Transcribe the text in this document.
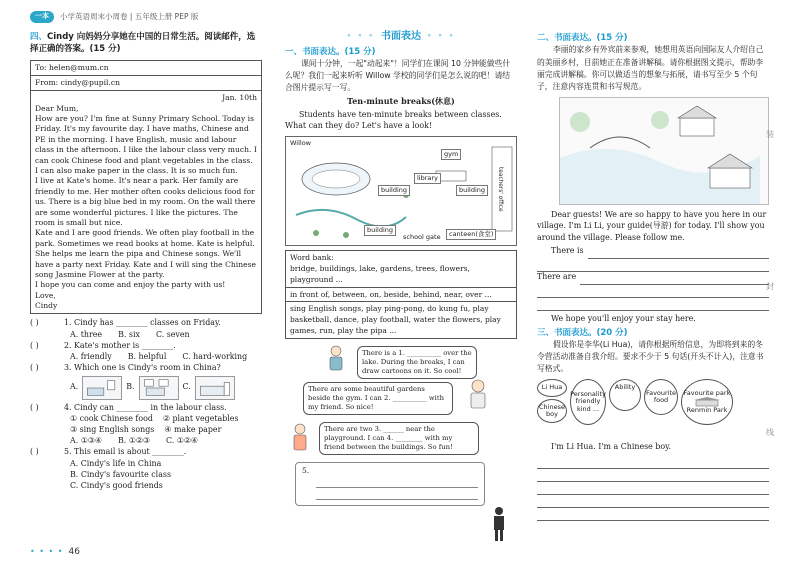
一本	小学英语周末小周卷 | 五年级上册 PEP 版
四、Cindy 向妈妈分享她在中国的日常生活。阅读邮件，选择正确的答案。(15 分)
To: helen@mum.cn
From: cindy@pupil.cn
Jan. 10th
Dear Mum,
How are you? I'm fine at Sunny Primary School. Today is Friday. It's my favourite day. I have maths, Chinese and PE in the morning. I have English, music and labour class in the afternoon. I like the labour class very much. I can cook Chinese food and plant vegetables in the class. I can also make paper in the class. It is so much fun.
I live at Kate's home. It's near a park. Her family are friendly to me. Her mother often cooks delicious food for us. There is a big blue bed in my room. On the wall there are some wonderful pictures. I like the pictures. The room is small but nice.
Kate and I are good friends. We often play football in the park. Sometimes we read books at home. Kate is helpful. She helps me learn the pipa and Chinese songs. We'll have a party next Friday. Kate and I will sing the Chinese song Jasmine Flower at the party.
I hope you can come and enjoy the party with us!
Love,
Cindy
( )	1. Cindy has ________ classes on Friday.
A. three B. six C. seven
( )	2. Kate's mother is ________.
A. friendly B. helpful C. hard-working
( )	3. Which one is Cindy's room in China?
A.	B.	C.
( )	4. Cindy can ________ in the labour class.
① cook Chinese food ② plant vegetables
③ sing English songs ④ make paper
A. ①③④ B. ①②③ C. ①②④
( )	5. This email is about ________.
A. Cindy's life in China
B. Cindy's favourite class
C. Cindy's good friends
• • • 书面表达 • • •
一、书面表达。(15 分)
课间十分钟，一起"动起来"！同学们在课间 10 分钟能做些什么呢？我们一起来听听 Willow 学校的同学们是怎么说的吧！请结合图片提示写一写。
Ten-minute breaks(休息)
Students have ten-minute breaks between classes. What can they do? Let's have a look!
Willow
gym
library
building	building
building
school gate	canteen(食堂)
teachers' office
Word bank:
bridge, buildings, lake, gardens, trees, flowers, playground ...
in front of, between, on, beside, behind, near, over ...
sing English songs, play ping-pong, do kung fu, play basketball, dance, play football, water the flowers, play games, run, play the pipa ...
There is a 1. __________ over the lake. During the breaks, I can draw cartoons on it. So cool!
There are some beautiful gardens beside the gym. I can 2. __________ with my friend. So nice!
There are two 3. ______ near the playground. I can 4. ________ with my friend between the buildings. So fun!
5.
二、书面表达。(15 分)
李丽的家乡有外宾前来参观，她想用英语向国际友人介绍自己的美丽乡村，目前她正在准备讲解稿。请你根据图文提示，帮助李丽完成讲解稿。你可以做适当的想象与拓展，请书写至少 5 个句子，注意内容连贯和书写规范。
Dear guests! We are so happy to have you here in our village. I'm Li Li, your guide(导游) for today. I'll show you around the village. Please follow me.
There is
There are
We hope you'll enjoy your stay here.
三、书面表达。(20 分)
假设你是李华(Li Hua)，请你根据所给信息，为即将到来的冬令营活动准备自我介绍。要求不少于 5 句话(开头不计入)，注意书写格式。
Li Hua
Chinese boy
Personality friendly kind ...
Ability
Favourite food
Favourite park
Renmin Park
I'm Li Hua. I'm a Chinese boy.
装
封
线
• • • • 46
